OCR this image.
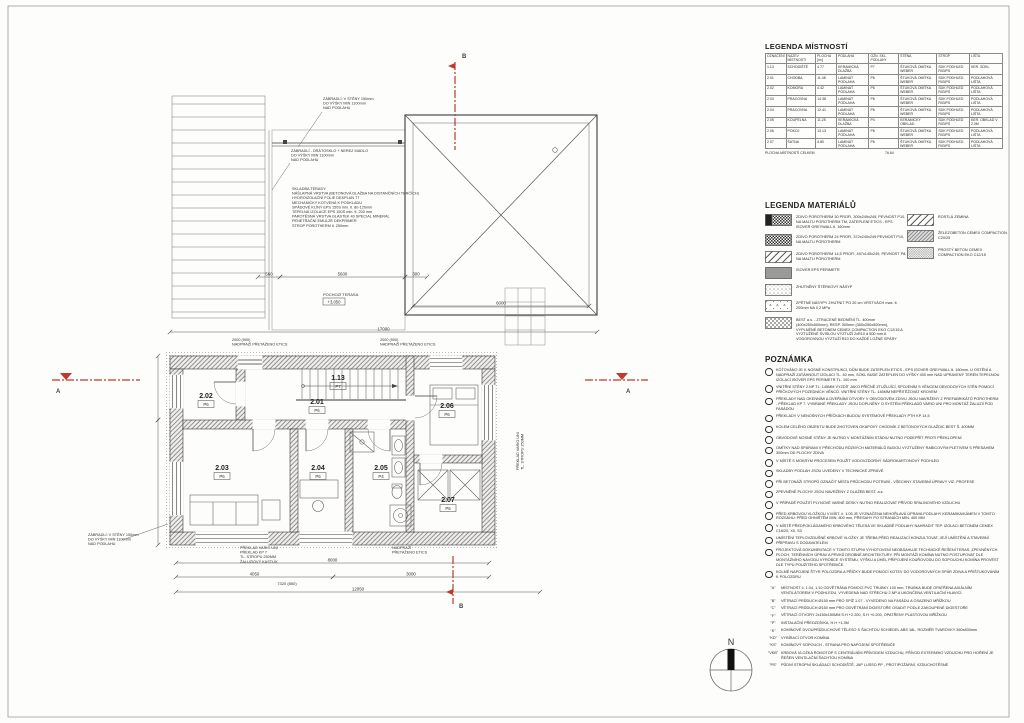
1.13
P7
2.01
P6
2.02
P6
2.03
P6
2.04
P6
2.05
P4
2.06
P6
2.07
P6
17000
560	5600	300
6000
8000
4050	3000
12050
7320 (850)
ZÁBRADLÍ: V STĚNY 150mm
DO VÝŠKY MIN 1100mm
NAD PODLAHU
ZÁBRADLÍ - DRÁTOSKLO + NEREZ MADLO
DO VÝŠKY MIN 1100mm
NAD PODLAHU
SKLADBA TERASY:
NÁŠLAPNÁ VRSTVA (BETONOVÁ DLAŽBA NA DISTANČNÍCH TERČÍCH)
HYDROIZOLAČNÍ FOLIE DEKPLAN 77
MECHANICKY KOTVENÁ K PODKLADU
SPÁDOVÉ KLÍNY EPS 150S min. tl. 80-120mm
TEPELNÁ IZOLACE EPS 150S min. tl. 200 mm
PAROTĚSNÁ VRSTVA GLASTEK 40 SPECIAL MINERAL
PENETRAČNÍ EMULZE DEKPRIMER
STROP POROTHERM tl. 250mm
ZÁBRADLÍ: V STĚNY 150mm
DO VÝŠKY MIN 1100mm
NAD PODLAHU
2000 (900)
NADPRAŽÍ PŘETAŽENO ETICS
2000 (900)
NADPRAŽÍ PŘETAŽENO ETICS
PŘEKLAD VARIO UNI
PŘEKLAD KP 7
TL. STROPU 250MM
ŽALUZIOVÝ KASTLÍK
NADPRAŽÍ
PŘETAŽENO ETICS
PŘEKLAD VARIO UNI TL. STROPU 250MM
POCHOZÍ TERASA
+3,050
A	A
B
B
N
LEGENDA MÍSTNOSTÍ
OZNAČENÍ	NÁZEV MÍSTNOSTI	PLOCHA [m²]	PODLAHA	OZN. SKL. PODLAHY	STĚNA	STROP	LIŠTA
1.13	SCHODIŠTĚ	4.77	KERAMICKÁ DLAŽBA	P7	ŠTUKOVÁ OMÍTKA WEBER	SDK PODHLED RIGIPS	KER. SOKL
2.01	CHODBA	11.48	LAMINÁT PODLAHA	P6	ŠTUKOVÁ OMÍTKA WEBER	SDK PODHLED RIGIPS	PODLAHOVÁ LIŠTA
2.02	KOMORA	4.42	LAMINÁT PODLAHA	P6	ŠTUKOVÁ OMÍTKA WEBER	SDK PODHLED RIGIPS	PODLAHOVÁ LIŠTA
2.03	PRACOVNA	14.38	LAMINÁT PODLAHA	P6	ŠTUKOVÁ OMÍTKA WEBER	SDK PODHLED RIGIPS	PODLAHOVÁ LIŠTA
2.04	PRACOVNA	12.41	LAMINÁT PODLAHA	P6	ŠTUKOVÁ OMÍTKA WEBER	SDK PODHLED RIGIPS	PODLAHOVÁ LIŠTA
2.05	KOUPELNA	11.25	KERAMICKÁ DLAŽBA	P4	KERAMICKÝ OBKLAD	SDK PODHLED RIGIPS	KER. OBKLAD V 2.0M
2.06	POKOJ	13.13	LAMINÁT PODLAHA	P6	ŠTUKOVÁ OMÍTKA WEBER	SDK PODHLED RIGIPS	PODLAHOVÁ LIŠTA
2.07	ŠATNA	4.80	LAMINÁT PODLAHA	P6	ŠTUKOVÁ OMÍTKA WEBER	SDK PODHLED RIGIPS	PODLAHOVÁ LIŠTA
PLOCHA MÍSTNOSTÍ CELKEM	76.64
LEGENDA MATERIÁLŮ
ZDIVO POROTHERM 30 PROFI, 300x249x249, PEVNOST P10, NA MALTU POROTHERM TM, ZATEPLENÍ ETICS - EPS ISOVER GREYWALL tl. 160mm
ZDIVO POROTHERM 24 PROFI, 372x240x249 PEVNOST P10, NA MALTU POROTHERM
ZDIVO POROTHERM 14,5 PROFI, 497x145x249, PEVNOST P8, NA MALTU POROTHERM
ISOVER EPS PERIMETR
ZHUTNĚNÝ ŠTĚRKOVÝ NÁSYP
ZPĚTNÉ NÁSYPY ZHUTNIT PO 20 cm VRSTVÁCH max. tl. 200mm NA 0,2 MPa
BEST a.s. - ZTRACENÉ BEDNĚNÍ TL. 400mm (400x250x500mm), RESP. 300mm (300x250x500mm), VYPLNĚNÉ BETONEM CEMEX COMPACTION EKO C12/15 A VYZTUŽENÉ SVISLOU VÝZTUŽÍ 2xR10 á 500 mm A VODOROVNOU VÝZTUŽÍ R10 DO KAŽDÉ LOŽNÉ SPÁRY
ROSTLÁ ZEMINA
ŽELEZOBETON CEMEX COMPACTION C20/25
PROSTÝ BETON CEMEX COMPACTION EKO C12/15
POZNÁMKA
KÓTOVÁNO JE K NOSNÉ KONSTRUKCI, DŮM BUDE ZATEPLEN ETICS - EPS ISOVER GREYWALL tl. 160mm. U OSTĚNÍ A NADPRAŽÍ ZATÁHNOUT IZOLACI TL. 40 mm, SOKL BUDE ZATEPLEN DO VÝŠKY 400 mm NAD UPRAVENÝ TERÉN TEPELNOU IZOLACÍ ISOVER EPS PERIMETR TL. 100 mm
VNITŘNÍ STĚNY 2.NP TL. 145MM VYZDÍT JAKO PŘÍČNĚ ZTUŽUJÍCÍ, SPOJENÍM S VĚNCEM OBVODOVÝCH STĚN POMOCÍ PŘÍČKOVÝCH POZEDNÍCH VĚNCŮ. VNITŘNÍ STĚNY TL. 145MM NEPŘITĚŽOVAT KROVEM
PŘEKLADY NAD OKENNÍMI A DVEŘNÍMI OTVORY V OBVODOVÉM ZDIVU JSOU NAVRŽENY Z PREFABRIKÁTŮ POROTHERM - PŘEKLAD KP 7. VYBRANÉ PŘEKLADY JSOU DOPLNĚNY O SYSTÉM PŘEKLADŮ VARIO UNI PRO MONTÁŽ ŽALUZIÍ POD FASÁDOU
PŘEKLADY V NENOSNÝCH PŘÍČKÁCH BUDOU SYSTÉMOVÉ PŘEKLADY PTH KP 14,5
KOLEM CELÉHO OBJEKTU BUDE ZHOTOVEN OKAPOVÝ CHODNÍK Z BETONOVÝCH DLAŽDIC BEST Š. 400MM
OBVODOVÉ NOSNÉ STĚNY JE NUTNO V MONTÁŽNÍM STÁDIU NUTNO PODEPŘÍT PROTI PŘEKLOPENÍ
OMÍTKY NAD SPÁRAMI V PŘECHODU RŮZNÝCH MATERIÁLŮ BUDOU VYZTUŽENY RABICOVÝM PLETIVEM S PŘESAHEM 300mm OD PLOCHY ZDIVA
V MÍSTĚ S MOKRÝM PROCESEM POUŽÍT VODOVZDORNÝ SÁDROKARTONOVÝ PODHLED
SKLADBY PODLAH JSOU UVEDENY V TECHNICKÉ ZPRÁVĚ.
PŘI BETONÁŽI STROPŮ OZNAČIT MÍSTA PRŮCHODU POTRUBÍ - VŠECHNY STAVEBNÍ ÚPRAVY VIZ. PROFESE
ZPEVNĚNÉ PLOCHY JSOU NAVRŽENY Z DLAŽEB BEST, a.s.
V PŘÍPADĚ POUŽITÍ PLYNOVÉ VARNÉ DESKY NUTNO REALIZOVAT PŘÍVOD SPALINOVÉHO VZDUCHU
PŘED KRBOVOU VLOŽKOU V MÍST. č. 1.05 JE VYZNAČENA NEHOŘLAVÁ ÚPRAVA PODLAHY KERAMIKA/KÁMEN V TOMTO ROZSAHU: PŘED OHNIŠTĚM MIN. 800 mm, PŘESAHY PO STRANÁCH MIN. 400 MM
V MÍSTĚ PŘEDPOKLÁDANÉHO KRBOVÉHO TĚLESA VE SKLADBĚ PODLAHY NAHRADIT TEP. IZOLACI BETONEM CEMEX C16/20, X0, S3
UMÍSTĚNÍ TEPLOVZDUŠNÉ KRBOVÉ VLOŽKY JE TŘEBA PŘED REALIZACÍ KONZULTOVAT, JEJÍ UMÍSTĚNÍ A STAVEBNÍ PŘÍPRAVU S DODAVATELEM
PROJEKTOVÁ DOKUMENTACE V TOMTO STUPNI VYHOTOVENÍ NEOBSAHUJE TECHNICKÉ ŘEŠENÍ TERAS, ZPEVNĚNÝCH PLOCH, TERÉNNÍCH ÚPRAV A PRVKŮ DROBNÉ ARCHITEKTURY. PŘI MONTÁŽI KOMÍNA NUTNO POSTUPOVAT DLE MONTÁŽNÍHO NÁVODU VÝROBCE SYSTÉMU, VÝŠKU A ÚHEL PŘIPOJENÍ KOUŘOVODU DO SOPOUCHU KOMÍNA PROVÉST DLE TYPU POUŽITÉHO SPOTŘEBIČE.
KOLMÉ NAPOJENÍ ŠTYR POLOZDRA A PŘÍČKY BUDE POMOCÍ KOTEV DO VODOROVNÝCH SPÁR ZDIVA A PŘIŠTUKOVÁNÍM K POLOZDRU
"A"	MÍSTNOST č. 1.04, 1.10 ODVĚTRÁNA POMOCÍ PVC TRUBKY 100 mm. TRUBKA BUDE OPATŘENA AXIÁLNÍM VENTILÁTOREM V PODHLEDU, VYVEDENÁ NAD STŘECHU 2.NP A UKONČENA VENTILAČNÍ HLAVICÍ.
"B"	VĚTRACÍ PRŮDUCH Ø150 mm PRO SPÍŽ 1.07 - VYVEDENO NA FASÁDU A OSAZENO MŘÍŽKOU
"C"	VĚTRACÍ PRŮDUCH Ø150 mm PRO ODVĚTRÁNÍ DIGESTOŘE OSADIT PODLE ZAKOUPENÉ DIGESTOŘE
"F"	VĚTRACÍ OTVORY 2x150x150MM S.H +2.200, S.H +0.200, OPATŘENY PLASTOVOU MŘÍŽKOU
"P"	INSTALAČNÍ PŘEDZDÍVKA, H.H +1,3M
"K"	KOMÍNOVÉ DVOUPRŮDUCHOVÉ TĚLESO S ŠACHTOU SCHIEDEL ABS 18L, ROZMĚR TVAROVKY 360x830mm
"KD"	VYBÍRACÍ OTVOR KOMÍNA
"KS"	KOMÍNOVÝ SOPOUCH - STRANA PRO NAPOJENÍ SPOTŘEBIČE
"VKB" KRBOVÁ VLOŽKA ROMOTOP S CENTRÁLNÍM PŘÍVODEM VZDUCHU, PŘÍVOD EXTERNÍHO VZDUCHU PRO HOŘENÍ JE ŘEŠEN VENTILAČNÍ ŠACHTOU KOMÍNA
"PS"	PŮDNÍ STROPNÍ SKLÁDACÍ SCHODIŠTĚ, JAP LUSSO PP - PROTIPOŽÁRNÍ, VZDUCHOTĚSNÉ
